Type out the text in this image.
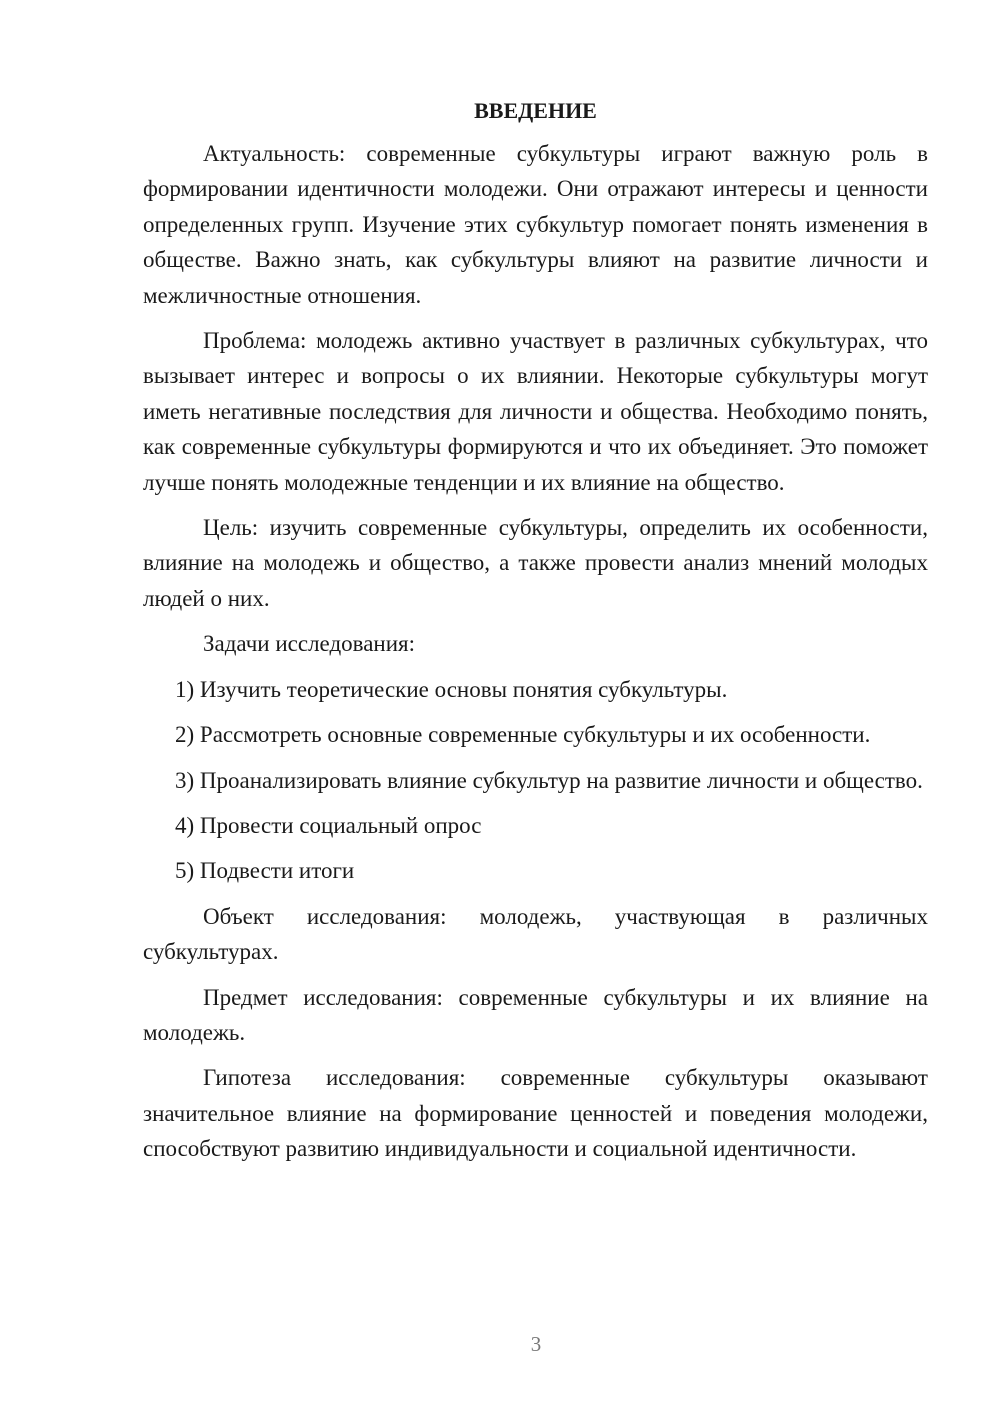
ВВЕДЕНИЕ

Актуальность: современные субкультуры играют важную роль в формировании идентичности молодежи. Они отражают интересы и ценности определенных групп. Изучение этих субкультур помогает понять изменения в обществе. Важно знать, как субкультуры влияют на развитие личности и межличностные отношения.

Проблема: молодежь активно участвует в различных субкультурах, что вызывает интерес и вопросы о их влиянии. Некоторые субкультуры могут иметь негативные последствия для личности и общества. Необходимо понять, как современные субкультуры формируются и что их объединяет. Это поможет лучше понять молодежные тенденции и их влияние на общество.

Цель: изучить современные субкультуры, определить их особенности, влияние на молодежь и общество, а также провести анализ мнений молодых людей о них.

Задачи исследования:

1) Изучить теоретические основы понятия субкультуры.

2) Рассмотреть основные современные субкультуры и их особенности.

3) Проанализировать влияние субкультур на развитие личности и общество.

4) Провести социальный опрос

5) Подвести итоги

Объект исследования: молодежь, участвующая в различных субкультурах.

Предмет исследования: современные субкультуры и их влияние на молодежь.

Гипотеза исследования: современные субкультуры оказывают значительное влияние на формирование ценностей и поведения молодежи, способствуют развитию индивидуальности и социальной идентичности.

3
